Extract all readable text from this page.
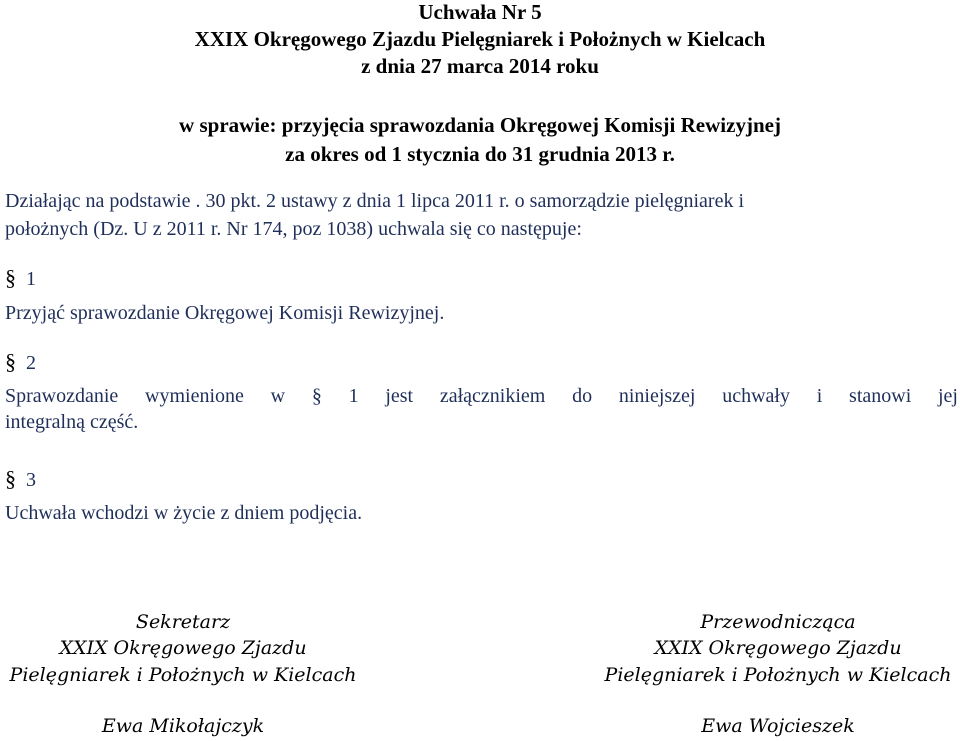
Uchwała Nr 5
XXIX Okręgowego Zjazdu Pielęgniarek i Położnych w Kielcach
z dnia 27 marca 2014 roku
w sprawie: przyjęcia sprawozdania Okręgowej Komisji Rewizyjnej
za okres od 1 stycznia do 31 grudnia 2013 r.
Działając na podstawie . 30 pkt. 2 ustawy z dnia 1 lipca 2011 r. o samorządzie pielęgniarek i
położnych (Dz. U z 2011 r. Nr 174, poz 1038) uchwala się co następuje:
§ 1
Przyjąć sprawozdanie Okręgowej Komisji Rewizyjnej.
§ 2
Sprawozdanie wymienione w § 1 jest załącznikiem do niniejszej uchwały i stanowi jej
integralną część.
§ 3
Uchwała wchodzi w życie z dniem podjęcia.
Sekretarz
XXIX Okręgowego Zjazdu
Pielęgniarek i Położnych w Kielcach
Ewa Mikołajczyk
Przewodnicząca
XXIX Okręgowego Zjazdu
Pielęgniarek i Położnych w Kielcach
Ewa Wojcieszek
